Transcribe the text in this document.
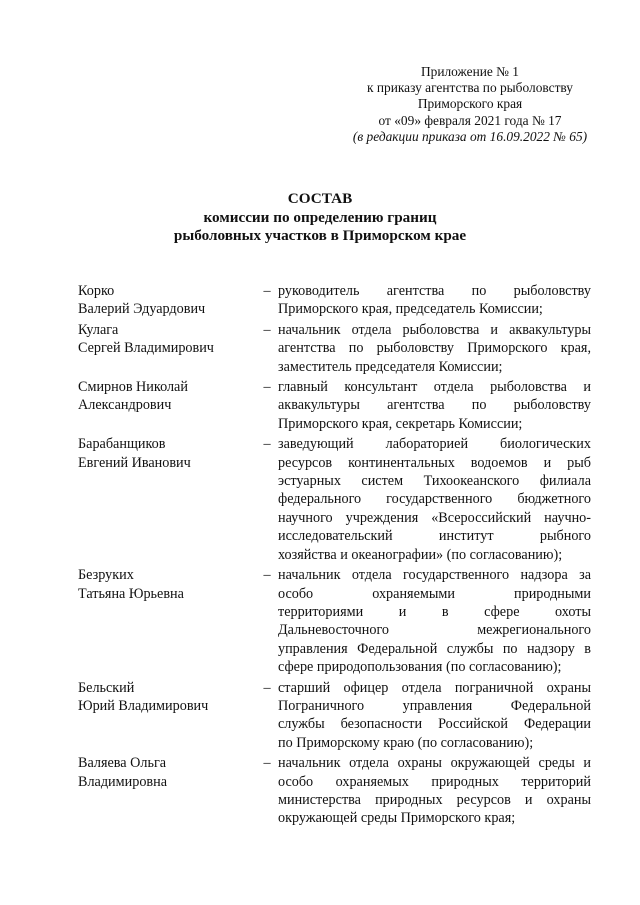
Приложение № 1
к приказу агентства по рыболовству
Приморского края
от «09» февраля 2021 года № 17
(в редакции приказа от 16.09.2022 № 65)
СОСТАВ
комиссии по определению границ
рыболовных участков в Приморском крае
Корко
Валерий Эдуардович
– руководитель агентства по рыболовству
Приморского края, председатель Комиссии;
Кулага
Сергей Владимирович
– начальник отдела рыболовства и аквакультуры
агентства по рыболовству Приморского края,
заместитель председателя Комиссии;
Смирнов Николай
Александрович
– главный консультант отдела рыболовства и
аквакультуры агентства по рыболовству
Приморского края, секретарь Комиссии;
Барабанщиков
Евгений Иванович
– заведующий лабораторией биологических
ресурсов континентальных водоемов и рыб
эстуарных систем Тихоокеанского филиала
федерального государственного бюджетного
научного учреждения «Всероссийский научно-
исследовательский институт рыбного
хозяйства и океанографии» (по согласованию);
Безруких
Татьяна Юрьевна
– начальник отдела государственного надзора за
особо охраняемыми природными
территориями и в сфере охоты
Дальневосточного межрегионального
управления Федеральной службы по надзору в
сфере природопользования (по согласованию);
Бельский
Юрий Владимирович
– старший офицер отдела пограничной охраны
Пограничного управления Федеральной
службы безопасности Российской Федерации
по Приморскому краю (по согласованию);
Валяева Ольга
Владимировна
– начальник отдела охраны окружающей среды и
особо охраняемых природных территорий
министерства природных ресурсов и охраны
окружающей среды Приморского края;
